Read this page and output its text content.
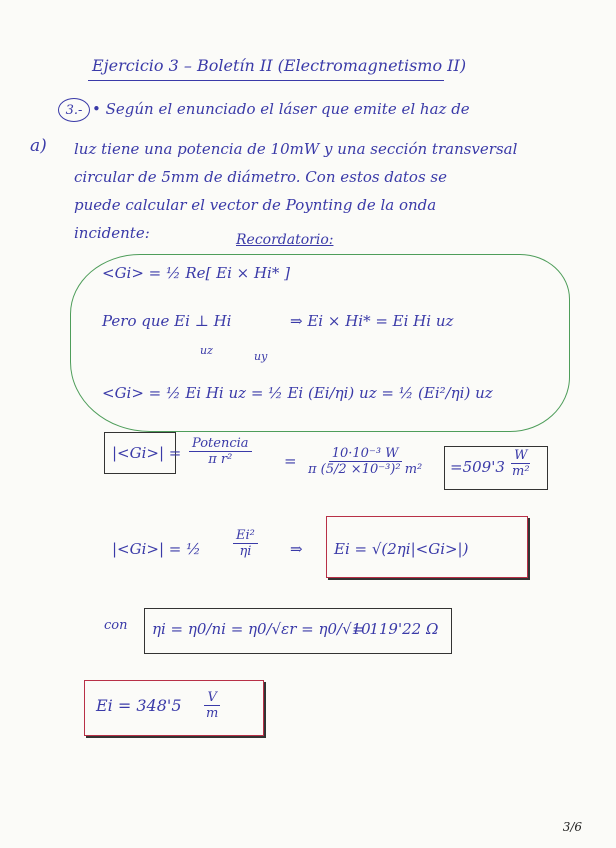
Ejercicio 3 – Boletín II (Electromagnetismo II)
3.-
a)
• Según el enunciado el láser que emite el haz de
luz tiene una potencia de 10mW y una sección transversal
circular de 5mm de diámetro. Con estos datos se
puede calcular el vector de Poynting de la onda
incidente:	Recordatorio:
<Gi> = ½ Re[ Ei × Hi* ]
Pero que Ei ⊥ Hi	⇒ Ei × Hi* = Ei Hi uz
uz	uy
<Gi> = ½ Ei Hi uz = ½ Ei (Ei/ηi) uz = ½ (Ei²/ηi) uz
$|<Gi>| = \frac{\text{Potencia}}{\text{π r²}} = \frac{\text{10·10⁻³ W}}{\text{π (5/2 ×10⁻³)² m²}} =509'3 \frac{W}{\text{m²}}$
|<Gi>| = ½ $\frac{\text{Ei²}}{\eta i}$ ⇒ Ei = √(2ηi|<Gi>|)
con ηi = η0/ni = η0/√εr = η0/√10
= 119'22 Ω
$Ei = 348'5 \frac{V}{m}$
3/6
